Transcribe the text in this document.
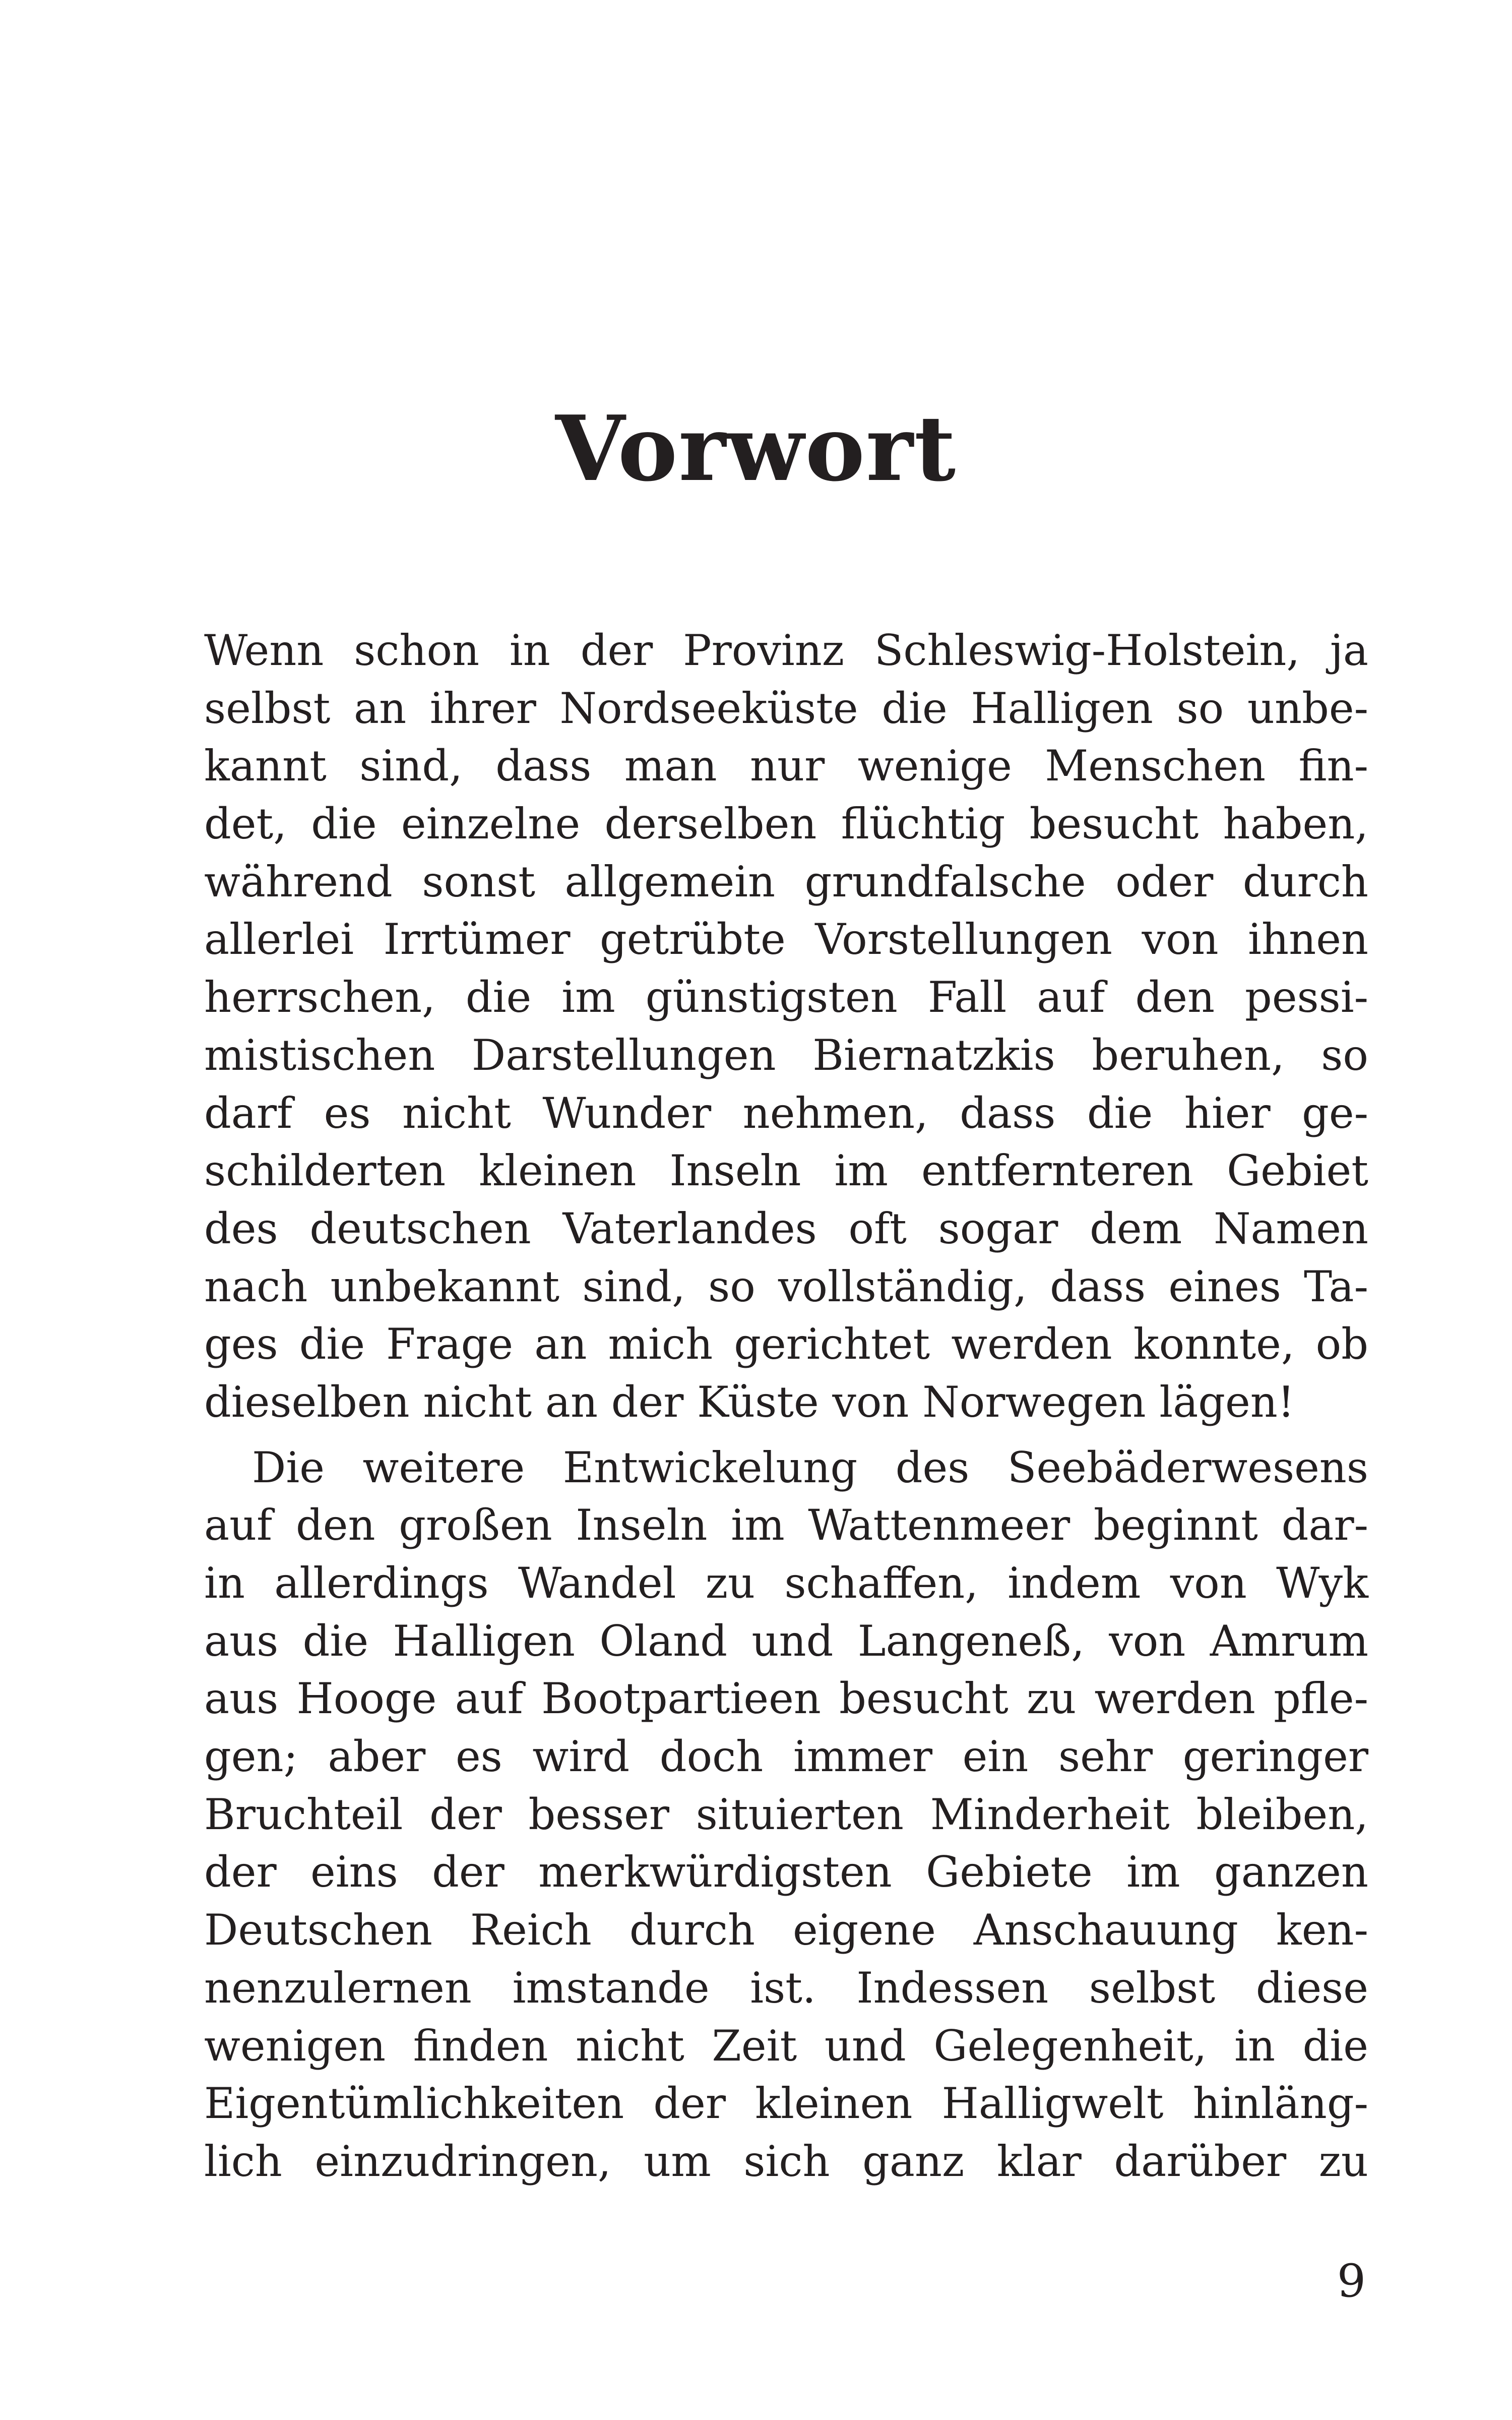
Vorwort
Wenn schon in der Provinz Schleswig-Holstein, ja
selbst an ihrer Nordseeküste die Halligen so unbe-
kannt sind, dass man nur wenige Menschen fin-
det, die einzelne derselben flüchtig besucht haben,
während sonst allgemein grundfalsche oder durch
allerlei Irrtümer getrübte Vorstellungen von ihnen
herrschen, die im günstigsten Fall auf den pessi-
mistischen Darstellungen Biernatzkis beruhen, so
darf es nicht Wunder nehmen, dass die hier ge-
schilderten kleinen Inseln im entfernteren Gebiet
des deutschen Vaterlandes oft sogar dem Namen
nach unbekannt sind, so vollständig, dass eines Ta-
ges die Frage an mich gerichtet werden konnte, ob
dieselben nicht an der Küste von Norwegen lägen!
Die weitere Entwickelung des Seebäderwesens
auf den großen Inseln im Wattenmeer beginnt dar-
in allerdings Wandel zu schaffen, indem von Wyk
aus die Halligen Oland und Langeneß, von Amrum
aus Hooge auf Bootpartieen besucht zu werden pfle-
gen; aber es wird doch immer ein sehr geringer
Bruchteil der besser situierten Minderheit bleiben,
der eins der merkwürdigsten Gebiete im ganzen
Deutschen Reich durch eigene Anschauung ken-
nenzulernen imstande ist. Indessen selbst diese
wenigen finden nicht Zeit und Gelegenheit, in die
Eigentümlichkeiten der kleinen Halligwelt hinläng-
lich einzudringen, um sich ganz klar darüber zu
9
